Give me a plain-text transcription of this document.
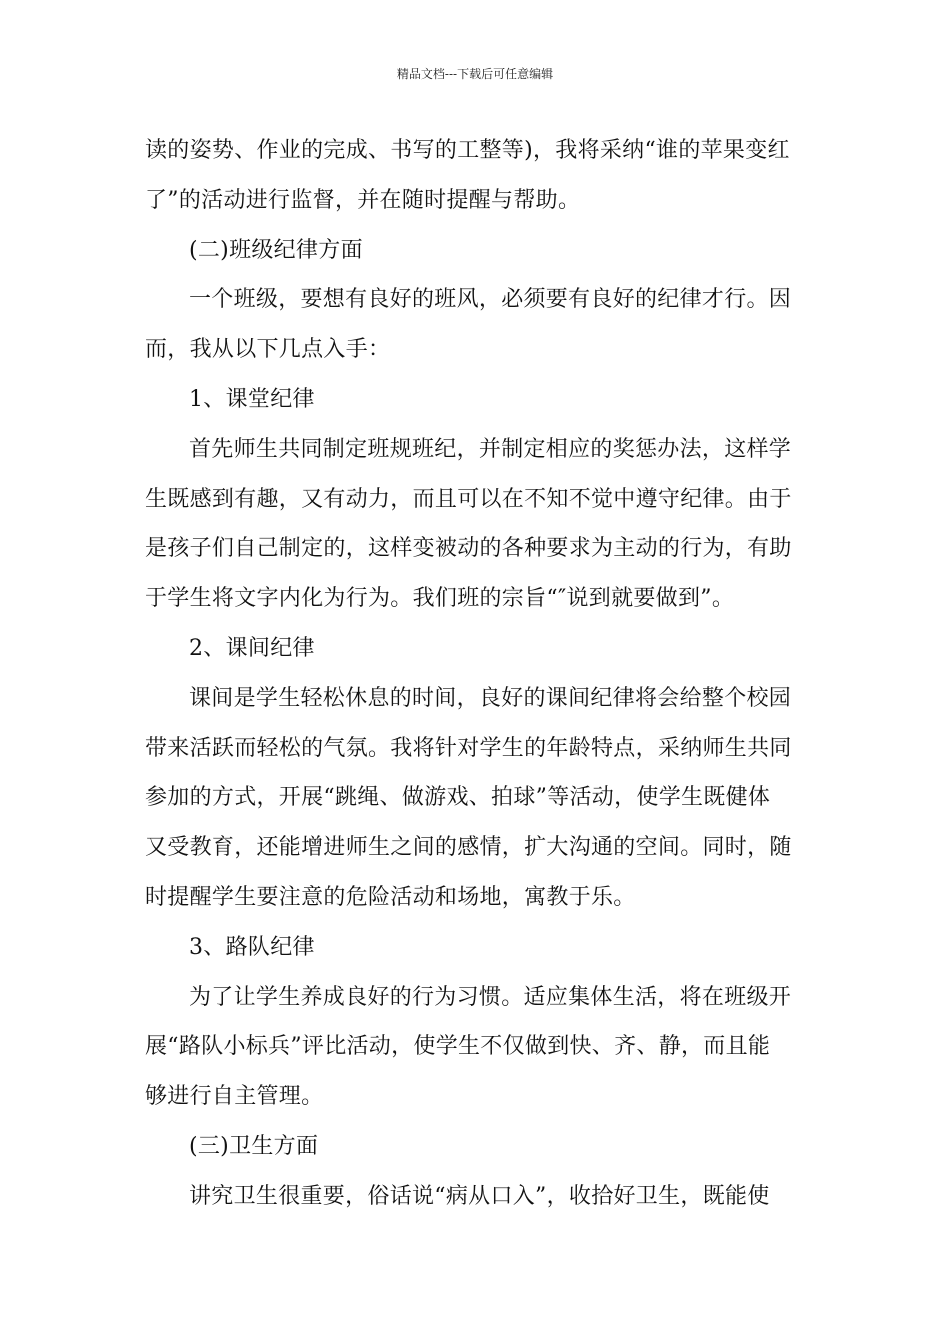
精品文档---下载后可任意编辑
读的姿势、作业的完成、书写的工整等)，我将采纳“谁的苹果变红
了”的活动进行监督，并在随时提醒与帮助。
(二)班级纪律方面
一个班级，要想有良好的班风，必须要有良好的纪律才行。因
而，我从以下几点入手：
1、课堂纪律
首先师生共同制定班规班纪，并制定相应的奖惩办法，这样学
生既感到有趣，又有动力，而且可以在不知不觉中遵守纪律。由于
是孩子们自己制定的，这样变被动的各种要求为主动的行为，有助
于学生将文字内化为行为。我们班的宗旨“″说到就要做到”。
2、课间纪律
课间是学生轻松休息的时间，良好的课间纪律将会给整个校园
带来活跃而轻松的气氛。我将针对学生的年龄特点，采纳师生共同
参加的方式，开展“跳绳、做游戏、拍球”等活动，使学生既健体
又受教育，还能增进师生之间的感情，扩大沟通的空间。同时，随
时提醒学生要注意的危险活动和场地，寓教于乐。
3、路队纪律
为了让学生养成良好的行为习惯。适应集体生活，将在班级开
展“路队小标兵”评比活动，使学生不仅做到快、齐、静，而且能
够进行自主管理。
(三)卫生方面
讲究卫生很重要，俗话说“病从口入”，收拾好卫生，既能使
